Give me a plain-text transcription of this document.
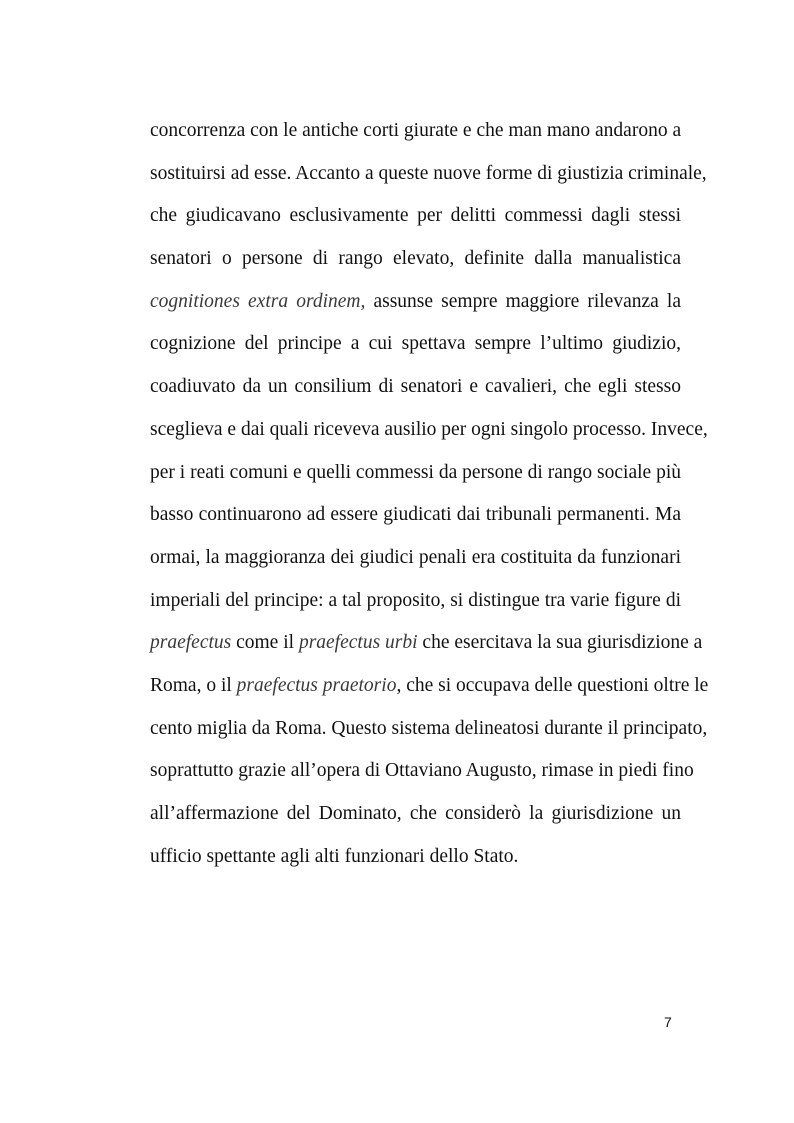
concorrenza con le antiche corti giurate e che man mano andarono a
sostituirsi ad esse. Accanto a queste nuove forme di giustizia criminale,
che giudicavano esclusivamente per delitti commessi dagli stessi
senatori o persone di rango elevato, definite dalla manualistica
cognitiones extra ordinem, assunse sempre maggiore rilevanza la
cognizione del principe a cui spettava sempre l’ultimo giudizio,
coadiuvato da un consilium di senatori e cavalieri, che egli stesso
sceglieva e dai quali riceveva ausilio per ogni singolo processo. Invece,
per i reati comuni e quelli commessi da persone di rango sociale più
basso continuarono ad essere giudicati dai tribunali permanenti. Ma
ormai, la maggioranza dei giudici penali era costituita da funzionari
imperiali del principe: a tal proposito, si distingue tra varie figure di
praefectus come il praefectus urbi che esercitava la sua giurisdizione a
Roma, o il praefectus praetorio, che si occupava delle questioni oltre le
cento miglia da Roma. Questo sistema delineatosi durante il principato,
soprattutto grazie all’opera di Ottaviano Augusto, rimase in piedi fino
all’affermazione del Dominato, che considerò la giurisdizione un
ufficio spettante agli alti funzionari dello Stato.
7
